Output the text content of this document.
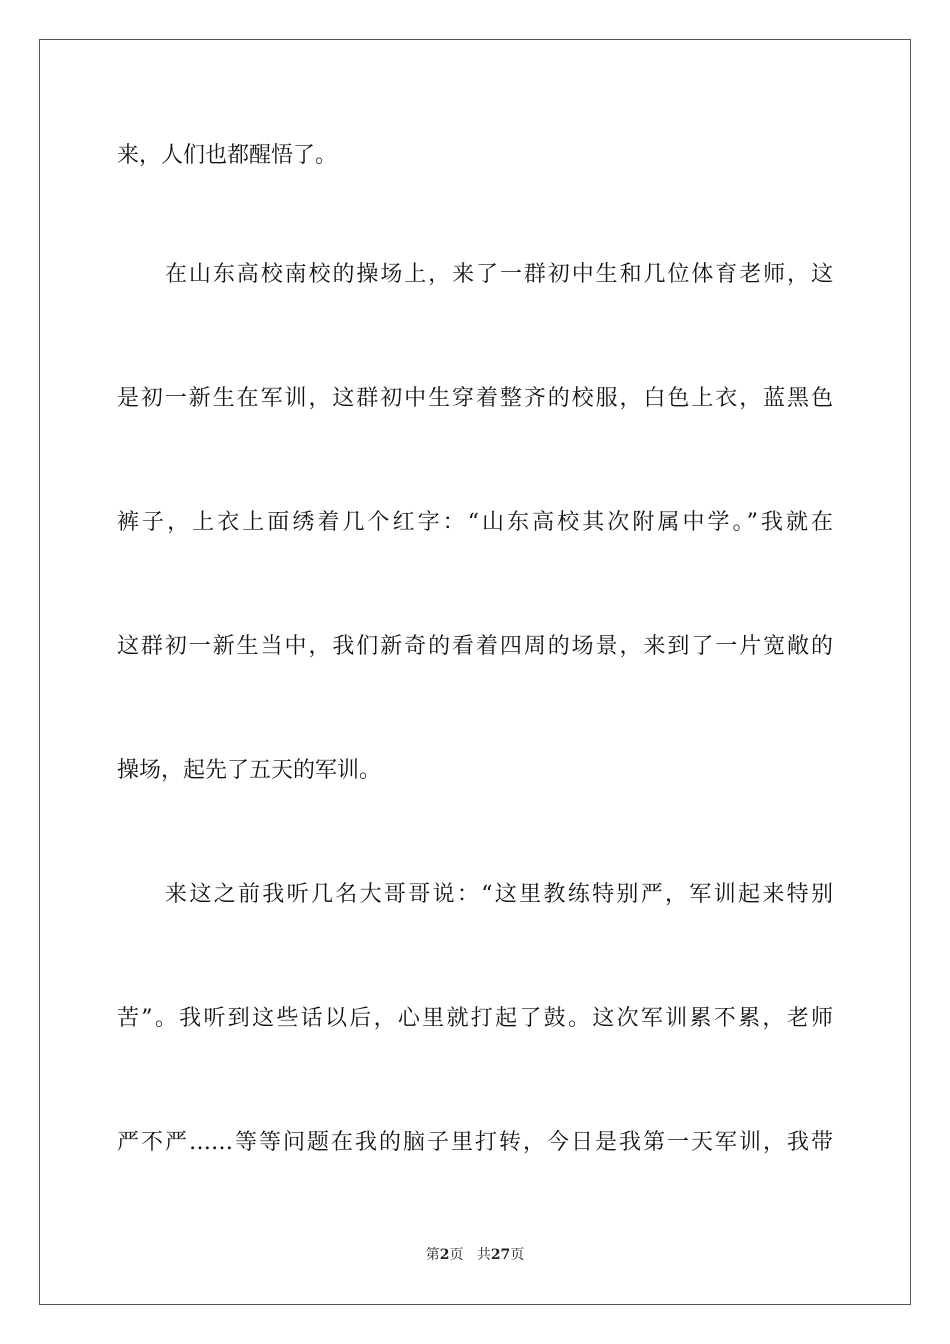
来，人们也都醒悟了。
在山东高校南校的操场上，来了一群初中生和几位体育老师，这
是初一新生在军训，这群初中生穿着整齐的校服，白色上衣，蓝黑色
裤子，上衣上面绣着几个红字：“山东高校其次附属中学。”我就在
这群初一新生当中，我们新奇的看着四周的场景，来到了一片宽敞的
操场，起先了五天的军训。
来这之前我听几名大哥哥说：“这里教练特别严，军训起来特别
苦”。我听到这些话以后，心里就打起了鼓。这次军训累不累，老师
严不严……等等问题在我的脑子里打转，今日是我第一天军训，我带
第2页 共27页
